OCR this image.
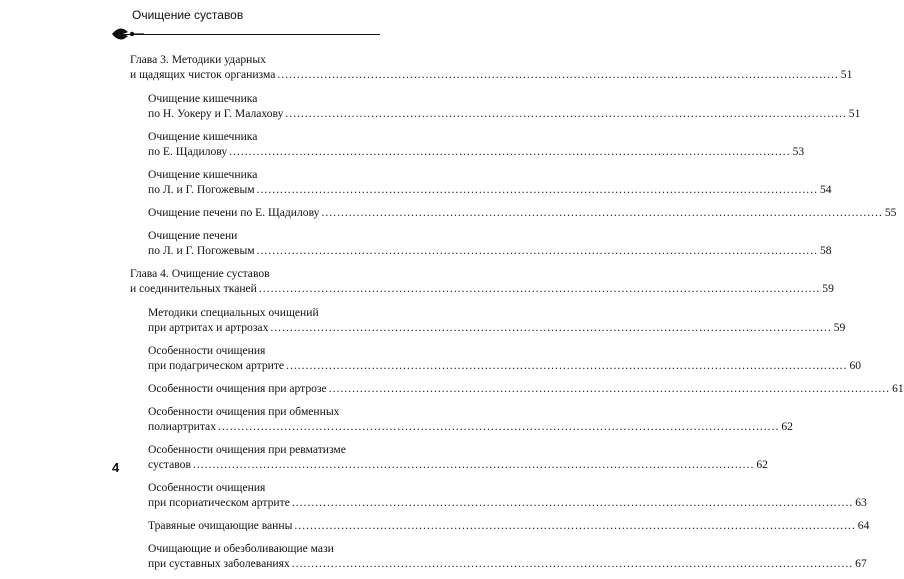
Очищение суставов
Глава 3. Методики ударных
и щадящих чисток организма .....	51
Очищение кишечника
по Н. Уокеру и Г. Малахову .....	51
Очищение кишечника
по Е. Щадилову .....	53
Очищение кишечника
по Л. и Г. Погожевым .....	54
Очищение печени по Е. Щадилову .....	55
Очищение печени
по Л. и Г. Погожевым .....	58
Глава 4. Очищение суставов
и соединительных тканей .....	59
Методики специальных очищений
при артритах и артрозах .....	59
Особенности очищения
при подагрическом артрите .....	60
Особенности очищения при артрозе .....	61
Особенности очищения при обменных
полиартритах .....	62
Особенности очищения при ревматизме
суставов .....	62
Особенности очищения
при псориатическом артрите .....	63
Травяные очищающие ванны .....	64
Очищающие и обезболивающие мази
при суставных заболеваниях .....	67
4
